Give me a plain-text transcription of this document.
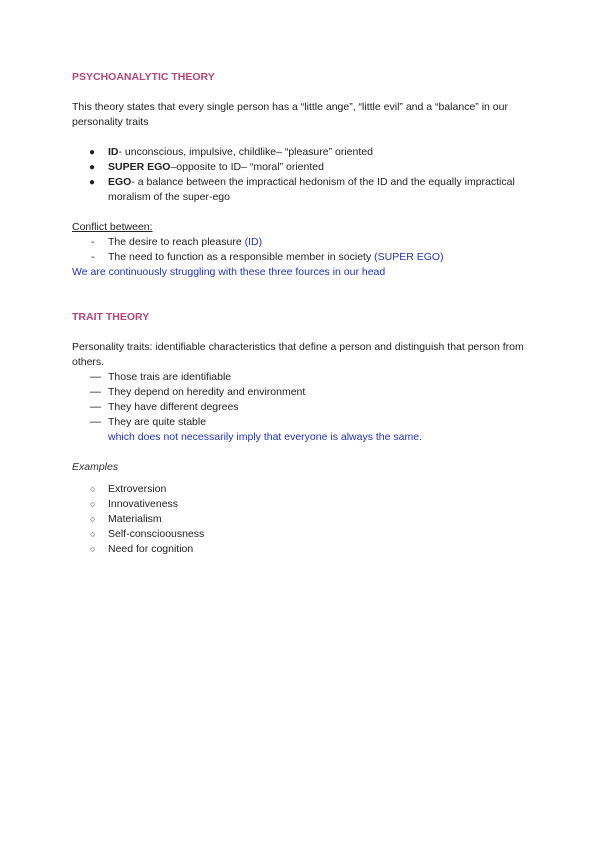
PSYCHOANALYTIC THEORY
This theory states that every single person has a “little ange”, “little evil” and a “balance” in our personality traits
●	ID- unconscious, impulsive, childlike– “pleasure” oriented
●	SUPER EGO–opposite to ID– “moral” oriented
●	EGO- a balance between the impractical hedonism of the ID and the equally impractical moralism of the super-ego
Conflict between:
-	The desire to reach pleasure (ID)
-	The need to function as a responsible member in society (SUPER EGO)
We are continuously struggling with these three fources in our head
TRAIT THEORY
Personality traits: identifiable characteristics that define a person and distinguish that person from others.
— Those trais are identifiable
— They depend on heredity and environment
— They have different degrees
— They are quite stable
which does not necessarily imply that everyone is always the same.
Examples
○	Extroversion
○	Innovativeness
○	Materialism
○	Self-conscioousness
○	Need for cognition
